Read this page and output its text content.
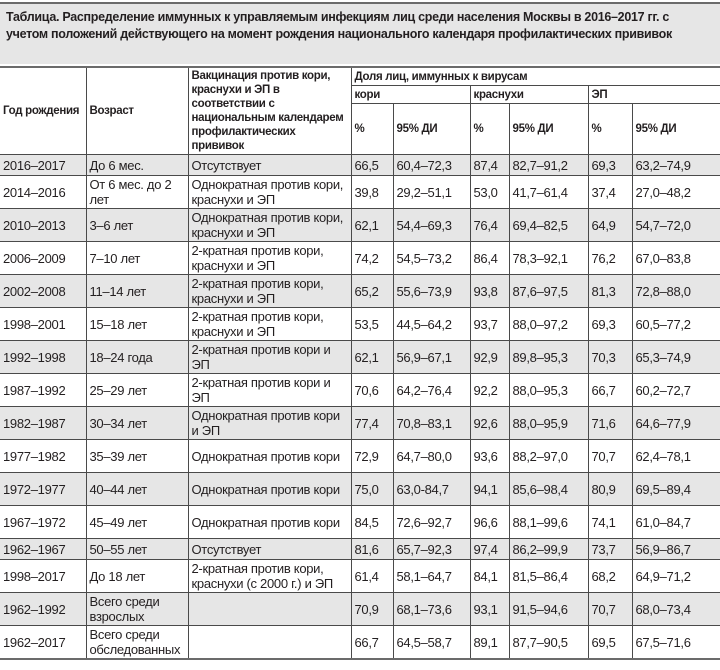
Таблица. Распределение иммунных к управляемым инфекциям лиц среди населения Москвы в 2016–2017 гг. с учетом положений действующего на момент рождения национального календаря профилактических прививок
Год рождения	Возраст	Вакцинация против кори, краснухи и ЭП в соответствии с национальным календарем профилактических прививок	Доля лиц, иммунных к вирусам					
			кори		краснухи		ЭП	
			%	95% ДИ	%	95% ДИ	%	95% ДИ
2016–2017	До 6 мес.	Отсутствует	66,5	60,4–72,3	87,4	82,7–91,2	69,3	63,2–74,9
2014–2016	От 6 мес. до 2 лет	Однократная против кори, краснухи и ЭП	39,8	29,2–51,1	53,0	41,7–61,4	37,4	27,0–48,2
2010–2013	3–6 лет	Однократная против кори, краснухи и ЭП	62,1	54,4–69,3	76,4	69,4–82,5	64,9	54,7–72,0
2006–2009	7–10 лет	2-кратная против кори, краснухи и ЭП	74,2	54,5–73,2	86,4	78,3–92,1	76,2	67,0–83,8
2002–2008	11–14 лет	2-кратная против кори, краснухи и ЭП	65,2	55,6–73,9	93,8	87,6–97,5	81,3	72,8–88,0
1998–2001	15–18 лет	2-кратная против кори, краснухи и ЭП	53,5	44,5–64,2	93,7	88,0–97,2	69,3	60,5–77,2
1992–1998	18–24 года	2-кратная против кори и ЭП	62,1	56,9–67,1	92,9	89,8–95,3	70,3	65,3–74,9
1987–1992	25–29 лет	2-кратная против кори и ЭП	70,6	64,2–76,4	92,2	88,0–95,3	66,7	60,2–72,7
1982–1987	30–34 лет	Однократная против кори и ЭП	77,4	70,8–83,1	92,6	88,0–95,9	71,6	64,6–77,9
1977–1982	35–39 лет	Однократная против кори	72,9	64,7–80,0	93,6	88,2–97,0	70,7	62,4–78,1
1972–1977	40–44 лет	Однократная против кори	75,0	63,0-84,7	94,1	85,6–98,4	80,9	69,5–89,4
1967–1972	45–49 лет	Однократная против кори	84,5	72,6–92,7	96,6	88,1–99,6	74,1	61,0–84,7
1962–1967	50–55 лет	Отсутствует	81,6	65,7–92,3	97,4	86,2–99,9	73,7	56,9–86,7
1998–2017	До 18 лет	2-кратная против кори, краснухи (с 2000 г.) и ЭП	61,4	58,1–64,7	84,1	81,5–86,4	68,2	64,9–71,2
1962–1992	Всего среди взрослых		70,9	68,1–73,6	93,1	91,5–94,6	70,7	68,0–73,4
1962–2017	Всего среди обследованных		66,7	64,5–58,7	89,1	87,7–90,5	69,5	67,5–71,6
